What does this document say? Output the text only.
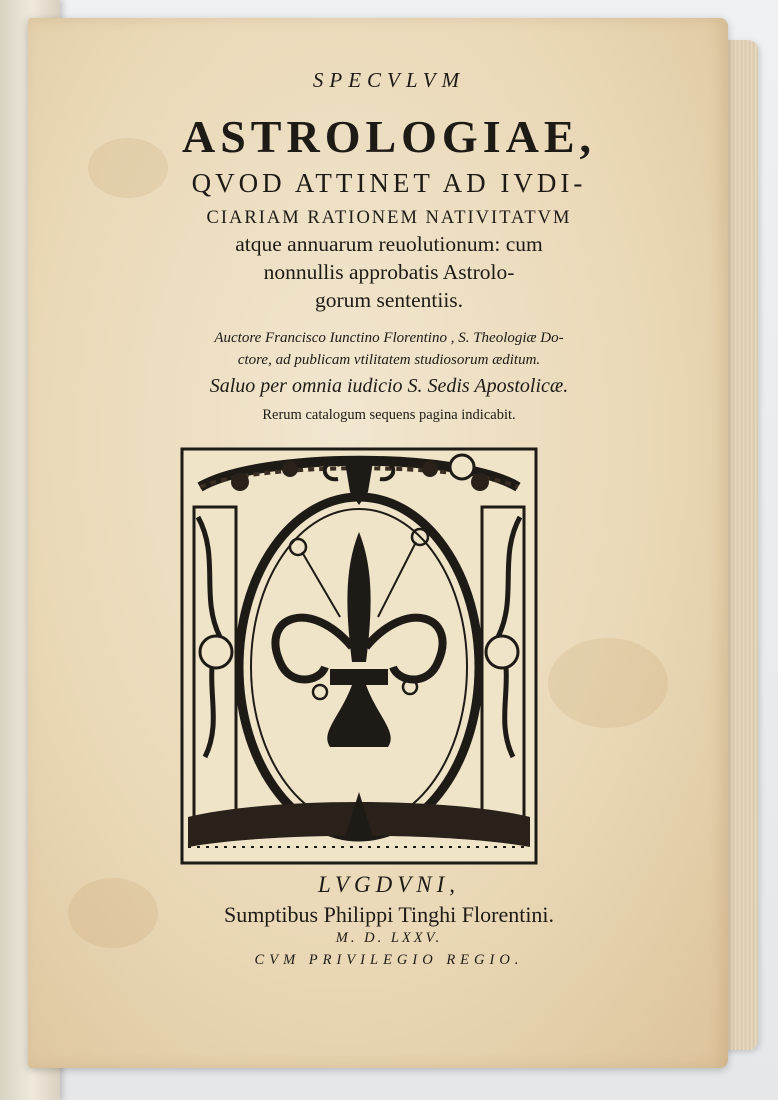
SPECVLVM
ASTROLOGIAE,
QVOD ATTINET AD IVDI-
CIARIAM RATIONEM NATIVITATVM
atque annuarum reuolutionum: cum
nonnullis approbatis Astrolo-
gorum sententiis.
Auctore Francisco Iunctino Florentino , S. Theologiæ Do-
ctore, ad publicam vtilitatem studiosorum æditum.
Saluo per omnia iudicio S. Sedis Apostolicæ.
Rerum catalogum sequens pagina indicabit.
LVGDVNI,
Sumptibus Philippi Tinghi Florentini.
M. D. LXXV.
CVM PRIVILEGIO REGIO.
